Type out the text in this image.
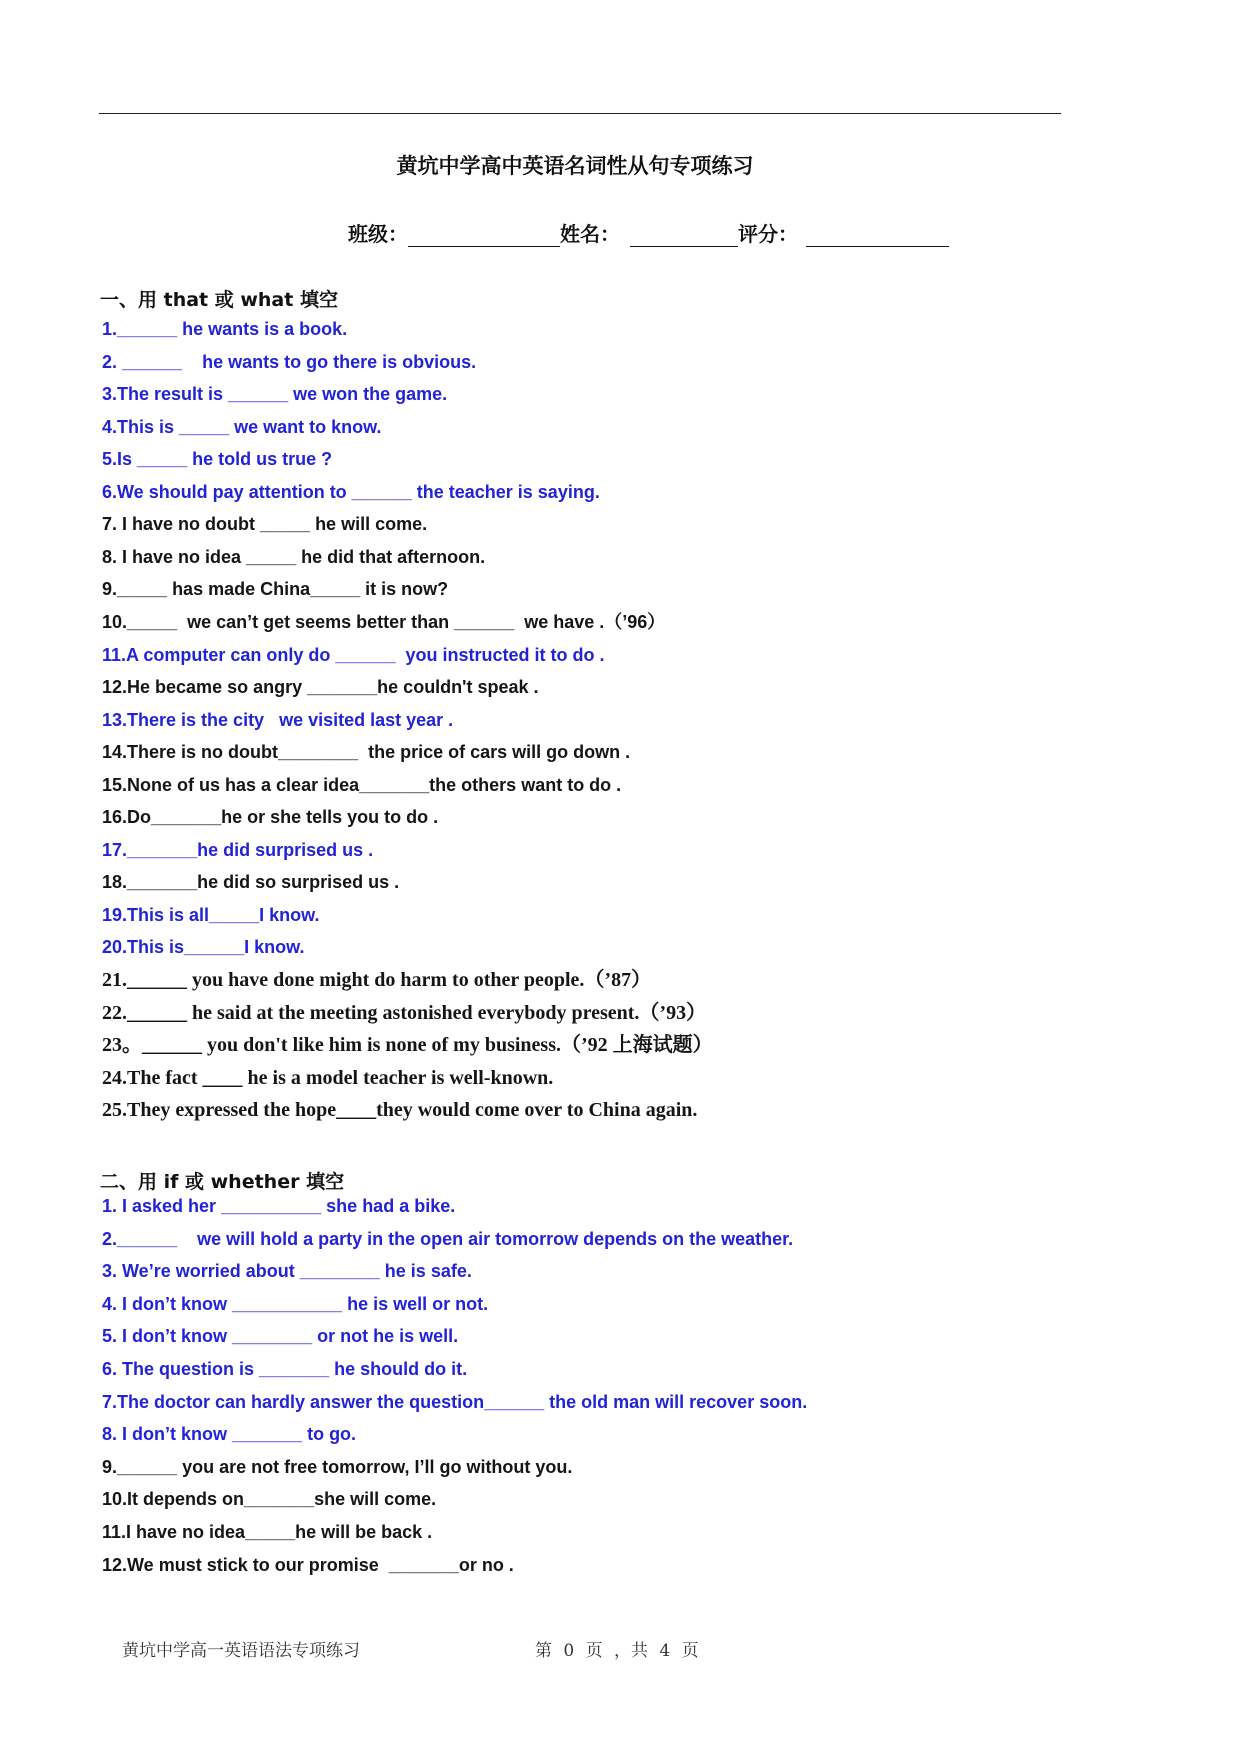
黄坑中学高中英语名词性从句专项练习
班级：	姓名：	评分：
一、用 that 或 what 填空
1.______ he wants is a book.
2. ______    he wants to go there is obvious.
3.The result is ______ we won the game.
4.This is _____ we want to know.
5.Is _____ he told us true ?
6.We should pay attention to ______ the teacher is saying.
7. I have no doubt _____ he will come.
8. I have no idea _____ he did that afternoon.
9._____ has made China_____ it is now?
10._____  we can’t get seems better than ______  we have .（’96）
11.A computer can only do ______  you instructed it to do .
12.He became so angry _______he couldn't speak .
13.There is the city   we visited last year .
14.There is no doubt________  the price of cars will go down .
15.None of us has a clear idea_______the others want to do .
16.Do_______he or she tells you to do .
17._______he did surprised us .
18._______he did so surprised us .
19.This is all_____I know.
20.This is______I know.
21.______ you have done might do harm to other people.（’87）
22.______ he said at the meeting astonished everybody present.（’93）
23。______ you don't like him is none of my business.（’92 上海试题）
24.The fact ____ he is a model teacher is well-known.
25.They expressed the hope____they would come over to China again.
二、用 if 或 whether 填空
1. I asked her __________ she had a bike.
2.______    we will hold a party in the open air tomorrow depends on the weather.
3. We’re worried about ________ he is safe.
4. I don’t know ___________ he is well or not.
5. I don’t know ________ or not he is well.
6. The question is _______ he should do it.
7.The doctor can hardly answer the question______ the old man will recover soon.
8. I don’t know _______ to go.
9.______ you are not free tomorrow, I’ll go without you.
10.It depends on_______she will come.
11.I have no idea_____he will be back .
12.We must stick to our promise  _______or no .
黄坑中学高一英语语法专项练习	第 0 页 ，共 4 页
